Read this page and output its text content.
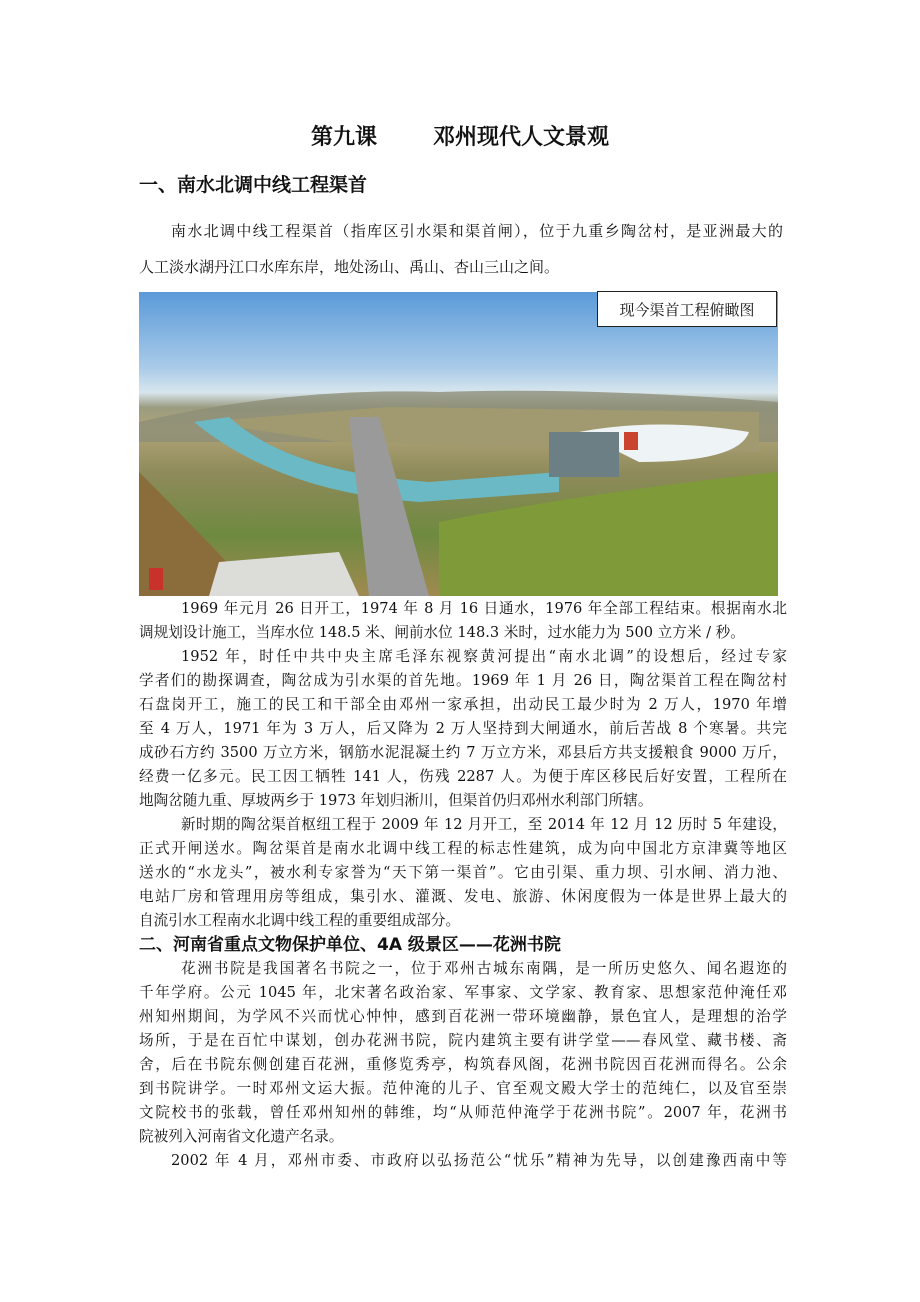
第九课	邓州现代人文景观
一、南水北调中线工程渠首
南水北调中线工程渠首（指库区引水渠和渠首闸），位于九重乡陶岔村，是亚洲最大的
人工淡水湖丹江口水库东岸，地处汤山、禹山、杏山三山之间。
现今渠首工程俯瞰图
1969 年元月 26 日开工，1974 年 8 月 16 日通水，1976 年全部工程结束。根据南水北
调规划设计施工，当库水位 148.5 米、闸前水位 148.3 米时，过水能力为 500 立方米 / 秒。
1952 年，时任中共中央主席毛泽东视察黄河提出“南水北调”的设想后，经过专家
学者们的勘探调查，陶岔成为引水渠的首先地。1969 年 1 月 26 日，陶岔渠首工程在陶岔村
石盘岗开工，施工的民工和干部全由邓州一家承担，出动民工最少时为 2 万人，1970 年增
至 4 万人，1971 年为 3 万人，后又降为 2 万人坚持到大闸通水，前后苦战 8 个寒暑。共完
成砂石方约 3500 万立方米，钢筋水泥混凝土约 7 万立方米，邓县后方共支援粮食 9000 万斤，
经费一亿多元。民工因工牺牲 141 人，伤残 2287 人。为便于库区移民后好安置，工程所在
地陶岔随九重、厚坡两乡于 1973 年划归淅川，但渠首仍归邓州水利部门所辖。
新时期的陶岔渠首枢纽工程于 2009 年 12 月开工，至 2014 年 12 月 12 历时 5 年建设，
正式开闸送水。陶岔渠首是南水北调中线工程的标志性建筑，成为向中国北方京津冀等地区
送水的“水龙头”，被水利专家誉为“天下第一渠首”。它由引渠、重力坝、引水闸、消力池、
电站厂房和管理用房等组成，集引水、灌溉、发电、旅游、休闲度假为一体是世界上最大的
自流引水工程南水北调中线工程的重要组成部分。
二、河南省重点文物保护单位、4A 级景区——花洲书院
花洲书院是我国著名书院之一，位于邓州古城东南隅，是一所历史悠久、闻名遐迩的
千年学府。公元 1045 年，北宋著名政治家、军事家、文学家、教育家、思想家范仲淹任邓
州知州期间，为学风不兴而忧心忡忡，感到百花洲一带环境幽静，景色宜人，是理想的治学
场所，于是在百忙中谋划，创办花洲书院，院内建筑主要有讲学堂——春风堂、藏书楼、斋
舍，后在书院东侧创建百花洲，重修览秀亭，构筑春风阁，花洲书院因百花洲而得名。公余
到书院讲学。一时邓州文运大振。范仲淹的儿子、官至观文殿大学士的范纯仁，以及官至崇
文院校书的张载，曾任邓州知州的韩维，均“从师范仲淹学于花洲书院”。2007 年，花洲书
院被列入河南省文化遗产名录。
2002 年 4 月，邓州市委、市政府以弘扬范公“忧乐”精神为先导，以创建豫西南中等
